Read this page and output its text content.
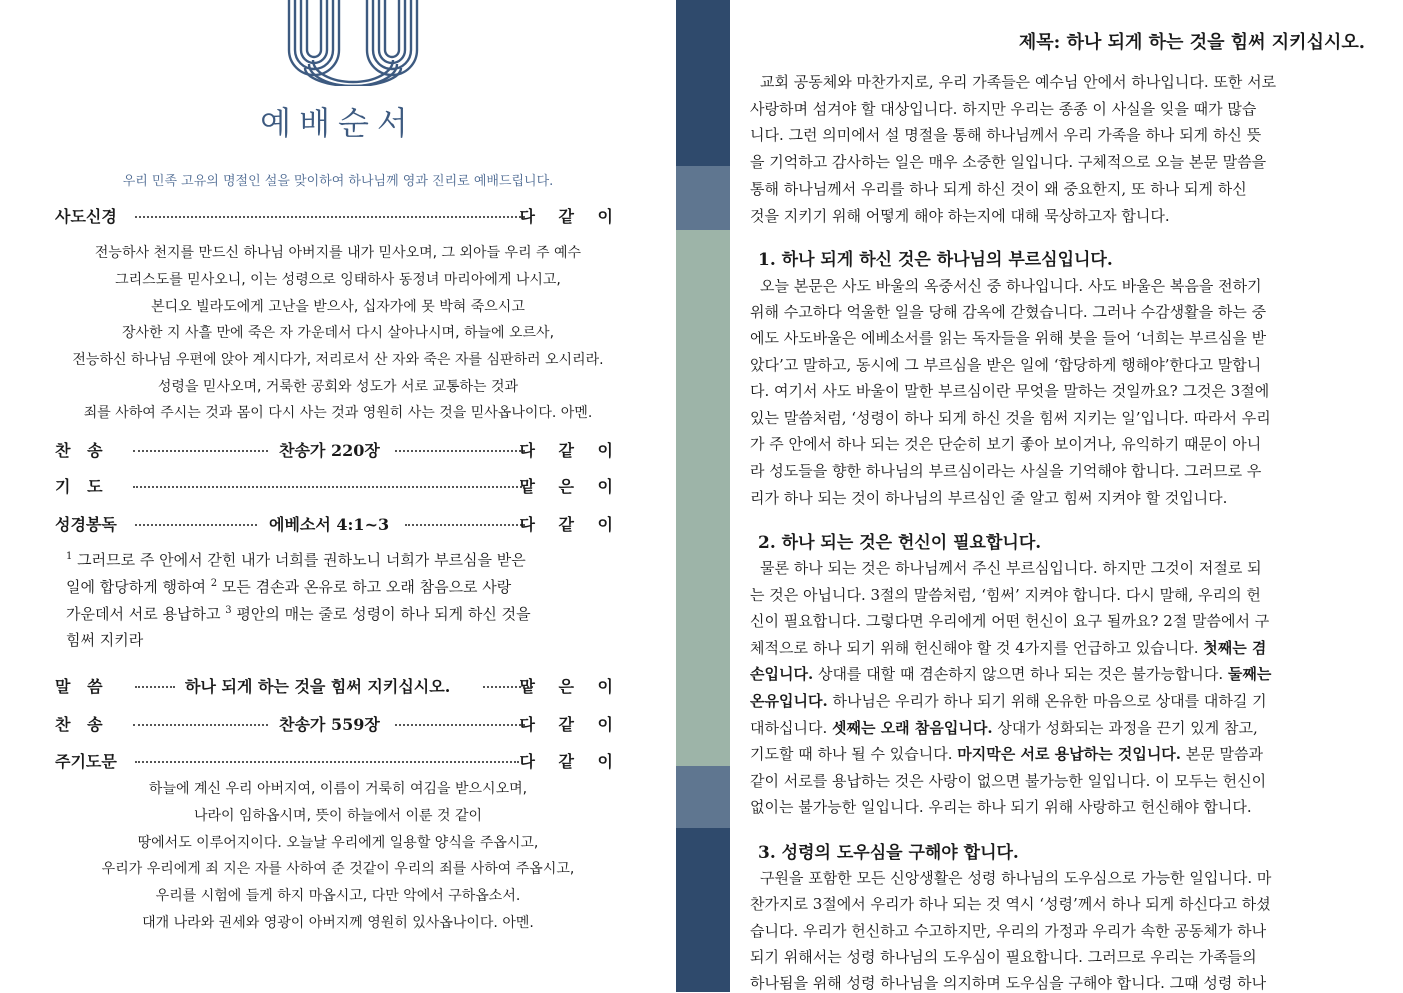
예배순서
우리 민족 고유의 명절인 설을 맞이하여 하나님께 영과 진리로 예배드립니다.
사도신경	다 같 이
전능하사 천지를 만드신 하나님 아버지를 내가 믿사오며, 그 외아들 우리 주 예수
그리스도를 믿사오니, 이는 성령으로 잉태하사 동정녀 마리아에게 나시고,
본디오 빌라도에게 고난을 받으사, 십자가에 못 박혀 죽으시고
장사한 지 사흘 만에 죽은 자 가운데서 다시 살아나시며, 하늘에 오르사,
전능하신 하나님 우편에 앉아 계시다가, 저리로서 산 자와 죽은 자를 심판하러 오시리라.
성령을 믿사오며, 거룩한 공회와 성도가 서로 교통하는 것과
죄를 사하여 주시는 것과 몸이 다시 사는 것과 영원히 사는 것을 믿사옵나이다. 아멘.
찬   송	찬송가 220장	다 같 이
기   도	맡 은 이
성경봉독	에베소서 4:1~3	다 같 이
$^1$ 그러므로 주 안에서 갇힌 내가 너희를 권하노니 너희가 부르심을 받은
일에 합당하게 행하여 $^2$ 모든 겸손과 온유로 하고 오래 참음으로 사랑
가운데서 서로 용납하고 $^3$ 평안의 매는 줄로 성령이 하나 되게 하신 것을
힘써 지키라
말   씀	하나 되게 하는 것을 힘써 지키십시오.	맡 은 이
찬   송	찬송가 559장	다 같 이
주기도문	다 같 이
하늘에 계신 우리 아버지여, 이름이 거룩히 여김을 받으시오며,
나라이 임하옵시며, 뜻이 하늘에서 이룬 것 같이
땅에서도 이루어지이다. 오늘날 우리에게 일용할 양식을 주옵시고,
우리가 우리에게 죄 지은 자를 사하여 준 것같이 우리의 죄를 사하여 주옵시고,
우리를 시험에 들게 하지 마옵시고, 다만 악에서 구하옵소서.
대개 나라와 권세와 영광이 아버지께 영원히 있사옵나이다. 아멘.
제목: 하나 되게 하는 것을 힘써 지키십시오.
교회 공동체와 마찬가지로, 우리 가족들은 예수님 안에서 하나입니다. 또한 서로
사랑하며 섬겨야 할 대상입니다. 하지만 우리는 종종 이 사실을 잊을 때가 많습
니다. 그런 의미에서 설 명절을 통해 하나님께서 우리 가족을 하나 되게 하신 뜻
을 기억하고 감사하는 일은 매우 소중한 일입니다. 구체적으로 오늘 본문 말씀을
통해 하나님께서 우리를 하나 되게 하신 것이 왜 중요한지, 또 하나 되게 하신
것을 지키기 위해 어떻게 해야 하는지에 대해 묵상하고자 합니다.
1. 하나 되게 하신 것은 하나님의 부르심입니다.
오늘 본문은 사도 바울의 옥중서신 중 하나입니다. 사도 바울은 복음을 전하기
위해 수고하다 억울한 일을 당해 감옥에 갇혔습니다. 그러나 수감생활을 하는 중
에도 사도바울은 에베소서를 읽는 독자들을 위해 붓을 들어 ‘너희는 부르심을 받
았다’고 말하고, 동시에 그 부르심을 받은 일에 ‘합당하게 행해야’한다고 말합니
다. 여기서 사도 바울이 말한 부르심이란 무엇을 말하는 것일까요? 그것은 3절에
있는 말씀처럼, ‘성령이 하나 되게 하신 것을 힘써 지키는 일’입니다. 따라서 우리
가 주 안에서 하나 되는 것은 단순히 보기 좋아 보이거나, 유익하기 때문이 아니
라 성도들을 향한 하나님의 부르심이라는 사실을 기억해야 합니다. 그러므로 우
리가 하나 되는 것이 하나님의 부르심인 줄 알고 힘써 지켜야 할 것입니다.
2. 하나 되는 것은 헌신이 필요합니다.
물론 하나 되는 것은 하나님께서 주신 부르심입니다. 하지만 그것이 저절로 되
는 것은 아닙니다. 3절의 말씀처럼, ‘힘써’ 지켜야 합니다. 다시 말해, 우리의 헌
신이 필요합니다. 그렇다면 우리에게 어떤 헌신이 요구 될까요? 2절 말씀에서 구
체적으로 하나 되기 위해 헌신해야 할 것 4가지를 언급하고 있습니다. 첫째는 겸
손입니다. 상대를 대할 때 겸손하지 않으면 하나 되는 것은 불가능합니다. 둘째는
온유입니다. 하나님은 우리가 하나 되기 위해 온유한 마음으로 상대를 대하길 기
대하십니다. 셋째는 오래 참음입니다. 상대가 성화되는 과정을 끈기 있게 참고,
기도할 때 하나 될 수 있습니다. 마지막은 서로 용납하는 것입니다. 본문 말씀과
같이 서로를 용납하는 것은 사랑이 없으면 불가능한 일입니다. 이 모두는 헌신이
없이는 불가능한 일입니다. 우리는 하나 되기 위해 사랑하고 헌신해야 합니다.
3. 성령의 도우심을 구해야 합니다.
구원을 포함한 모든 신앙생활은 성령 하나님의 도우심으로 가능한 일입니다. 마
찬가지로 3절에서 우리가 하나 되는 것 역시 ‘성령’께서 하나 되게 하신다고 하셨
습니다. 우리가 헌신하고 수고하지만, 우리의 가정과 우리가 속한 공동체가 하나
되기 위해서는 성령 하나님의 도우심이 필요합니다. 그러므로 우리는 가족들의
하나됨을 위해 성령 하나님을 의지하며 도우심을 구해야 합니다. 그때 성령 하나
